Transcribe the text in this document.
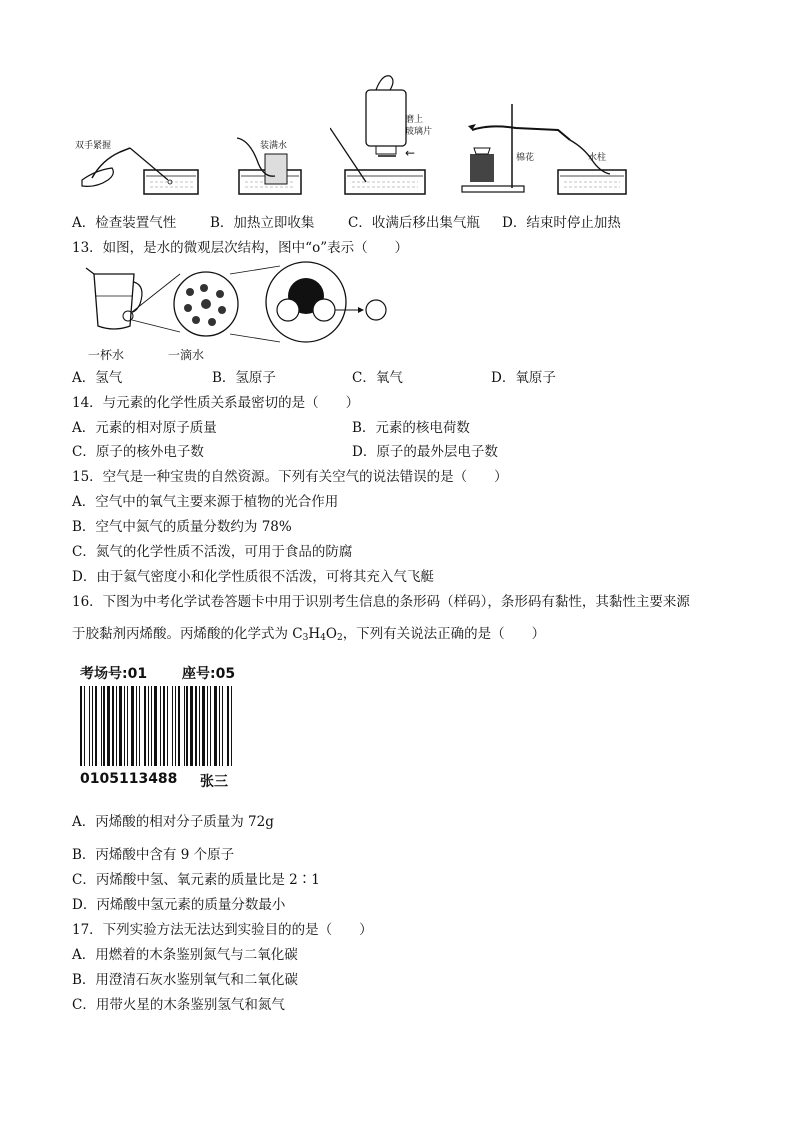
双手紧握	装满水
磨上
玻璃片
←	棉花	水柱
A．检查装置气性	B．加热立即收集 C．收满后移出集气瓶 D．结束时停止加热
13．如图，是水的微观层次结构，图中“ο”表示（　　）
一杯水	一滴水
A．氢气	B．氢原子	C．氧气	D．氧原子
14．与元素的化学性质关系最密切的是（　　）
A．元素的相对原子质量	B．元素的核电荷数
C．原子的核外电子数	D．原子的最外层电子数
15．空气是一种宝贵的自然资源。下列有关空气的说法错误的是（　　）
A．空气中的氧气主要来源于植物的光合作用
B．空气中氮气的质量分数约为 78%
C．氮气的化学性质不活泼，可用于食品的防腐
D．由于氦气密度小和化学性质很不活泼，可将其充入气飞艇
16．下图为中考化学试卷答题卡中用于识别考生信息的条形码（样码），条形码有黏性，其黏性主要来源
于胶黏剂丙烯酸。丙烯酸的化学式为 $C_3H_4O_2$，下列有关说法正确的是（　　）
考场号:01 座号:05
0105113488 张三
A．丙烯酸的相对分子质量为 72g
B．丙烯酸中含有 9 个原子
C．丙烯酸中氢、氧元素的质量比是 2∶1
D．丙烯酸中氢元素的质量分数最小
17．下列实验方法无法达到实验目的的是（　　）
A．用燃着的木条鉴别氮气与二氧化碳
B．用澄清石灰水鉴别氧气和二氧化碳
C．用带火星的木条鉴别氢气和氮气
